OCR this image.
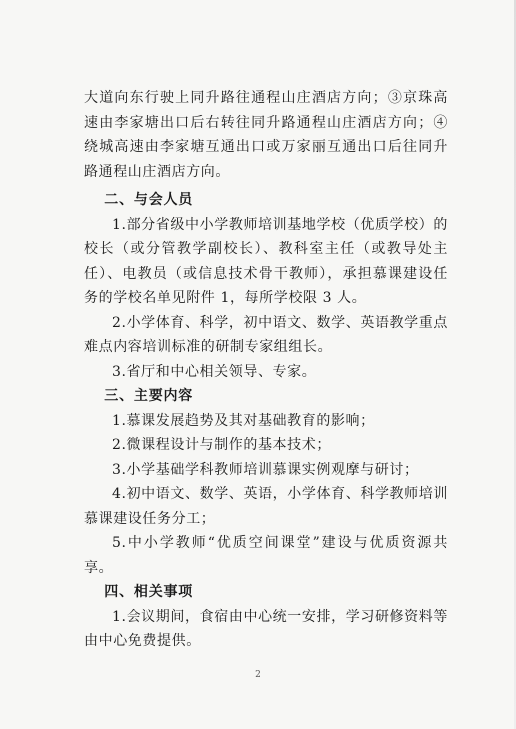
大道向东行驶上同升路往通程山庄酒店方向；③京珠高速由李家塘出口后右转往同升路通程山庄酒店方向；④绕城高速由李家塘互通出口或万家丽互通出口后往同升路通程山庄酒店方向。

二、与会人员

1.部分省级中小学教师培训基地学校（优质学校）的校长（或分管教学副校长）、教科室主任（或教导处主任）、电教员（或信息技术骨干教师），承担慕课建设任务的学校名单见附件 1，每所学校限 3 人。

2.小学体育、科学，初中语文、数学、英语教学重点难点内容培训标准的研制专家组组长。

3.省厅和中心相关领导、专家。

三、主要内容

1.慕课发展趋势及其对基础教育的影响；

2.微课程设计与制作的基本技术；

3.小学基础学科教师培训慕课实例观摩与研讨；

4.初中语文、数学、英语，小学体育、科学教师培训慕课建设任务分工；

5.中小学教师“优质空间课堂”建设与优质资源共享。

四、相关事项

1.会议期间，食宿由中心统一安排，学习研修资料等由中心免费提供。

2
